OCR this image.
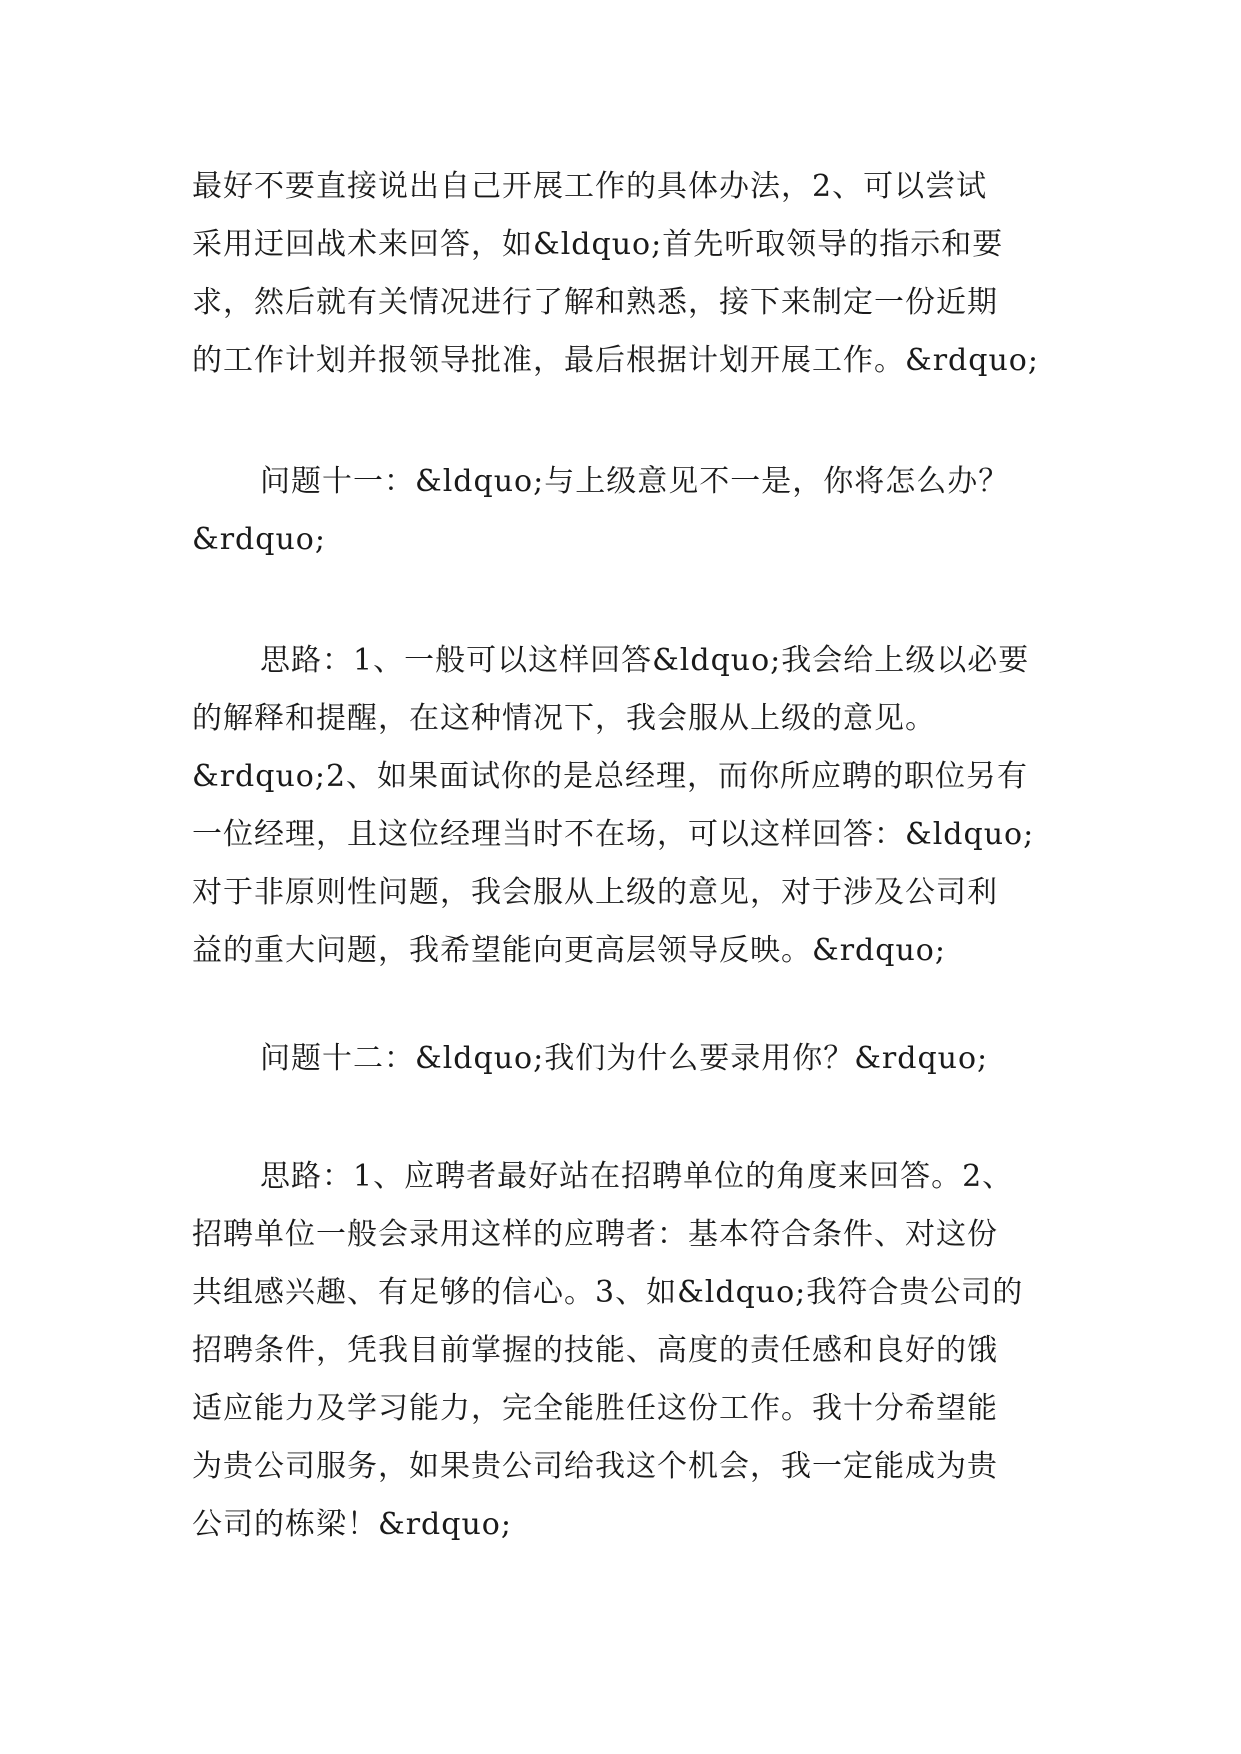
最好不要直接说出自己开展工作的具体办法，2、可以尝试
采用迂回战术来回答，如&ldquo;首先听取领导的指示和要
求，然后就有关情况进行了解和熟悉，接下来制定一份近期
的工作计划并报领导批准，最后根据计划开展工作。&rdquo;

问题十一：&ldquo;与上级意见不一是，你将怎么办？
&rdquo;

思路：1、一般可以这样回答&ldquo;我会给上级以必要
的解释和提醒，在这种情况下，我会服从上级的意见。
&rdquo;2、如果面试你的是总经理，而你所应聘的职位另有
一位经理，且这位经理当时不在场，可以这样回答：&ldquo;
对于非原则性问题，我会服从上级的意见，对于涉及公司利
益的重大问题，我希望能向更高层领导反映。&rdquo;

问题十二：&ldquo;我们为什么要录用你？&rdquo;

思路：1、应聘者最好站在招聘单位的角度来回答。2、
招聘单位一般会录用这样的应聘者：基本符合条件、对这份
共组感兴趣、有足够的信心。3、如&ldquo;我符合贵公司的
招聘条件，凭我目前掌握的技能、高度的责任感和良好的饿
适应能力及学习能力，完全能胜任这份工作。我十分希望能
为贵公司服务，如果贵公司给我这个机会，我一定能成为贵
公司的栋梁！&rdquo;
